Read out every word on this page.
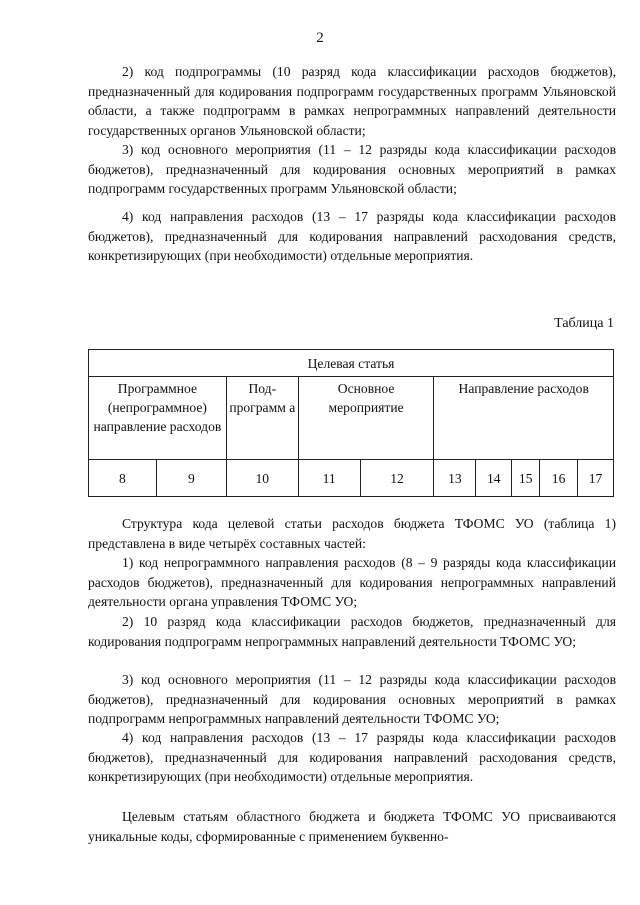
2

2) код подпрограммы (10 разряд кода классификации расходов бюджетов), предназначенный для кодирования подпрограмм государственных программ Ульяновской области, а также подпрограмм в рамках непрограммных направлений деятельности государственных органов Ульяновской области;

3) код основного мероприятия (11 – 12 разряды кода классификации расходов бюджетов), предназначенный для кодирования основных мероприятий в рамках подпрограмм государственных программ Ульяновской области;

4) код направления расходов (13 – 17 разряды кода классификации расходов бюджетов), предназначенный для кодирования направлений расходования средств, конкретизирующих (при необходимости) отдельные мероприятия.

Таблица 1
Целевая статья									
Программное (непрограммное) направление расходов		Под-программ а	Основное мероприятие		Направление расходов				
8	9	10	11	12	13	14	15	16	17

Структура кода целевой статьи расходов бюджета ТФОМС УО (таблица 1) представлена в виде четырёх составных частей:

1) код непрограммного направления расходов (8 – 9 разряды кода классификации расходов бюджетов), предназначенный для кодирования непрограммных направлений деятельности органа управления ТФОМС УО;

2) 10 разряд кода классификации расходов бюджетов, предназначенный для кодирования подпрограмм непрограммных направлений деятельности ТФОМС УО;

3) код основного мероприятия (11 – 12 разряды кода классификации расходов бюджетов), предназначенный для кодирования основных мероприятий в рамках подпрограмм непрограммных направлений деятельности ТФОМС УО;

4) код направления расходов (13 – 17 разряды кода классификации расходов бюджетов), предназначенный для кодирования направлений расходования средств, конкретизирующих (при необходимости) отдельные мероприятия.

Целевым статьям областного бюджета и бюджета ТФОМС УО присваиваются уникальные коды, сформированные с применением буквенно-
